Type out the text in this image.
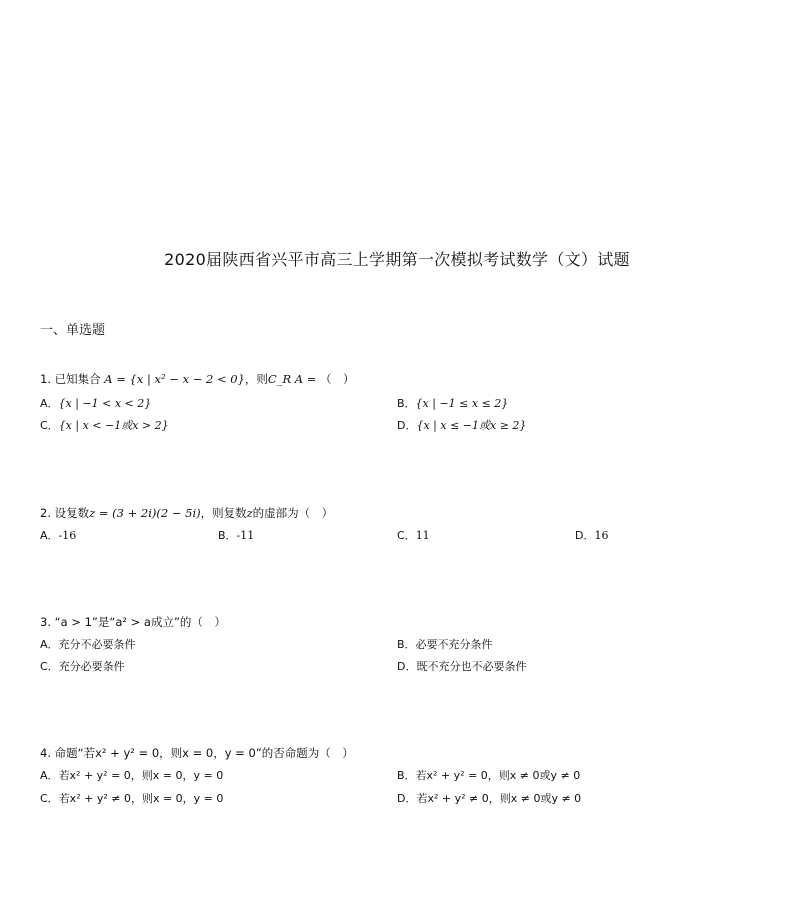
2020届陕西省兴平市高三上学期第一次模拟考试数学（文）试题
一、单选题
1. 已知集合 A = {x | x² − x − 2 < 0}，则C_R A = （　）
A．{x | −1 < x < 2}	B．{x | −1 ≤ x ≤ 2}
C．{x | x < −1或x > 2}	D．{x | x ≤ −1或x ≥ 2}
2. 设复数z = (3 + 2i)(2 − 5i)，则复数z的虚部为（　）
A．-16	B．-11	C．11	D．16
3. “a > 1”是“a² > a成立”的（　）
A．充分不必要条件	B．必要不充分条件
C．充分必要条件	D．既不充分也不必要条件
4. 命题“若x² + y² = 0，则x = 0，y = 0”的否命题为（　）
A．若x² + y² = 0，则x = 0，y = 0	B．若x² + y² = 0，则x ≠ 0或y ≠ 0
C．若x² + y² ≠ 0，则x = 0，y = 0	D．若x² + y² ≠ 0，则x ≠ 0或y ≠ 0
